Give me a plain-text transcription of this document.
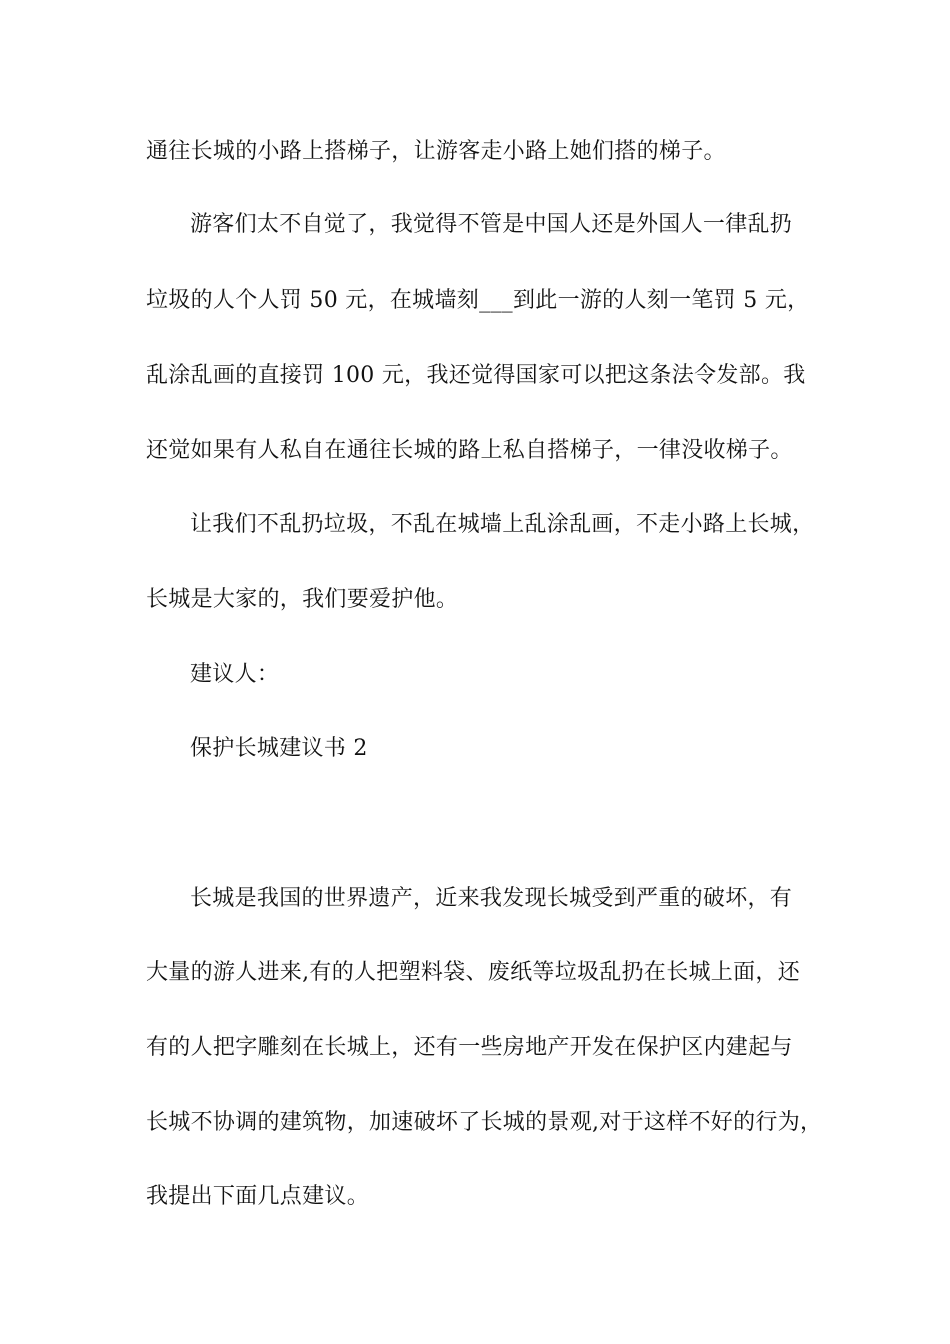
通往长城的小路上搭梯子，让游客走小路上她们搭的梯子。
游客们太不自觉了，我觉得不管是中国人还是外国人一律乱扔
垃圾的人个人罚 50 元，在城墙刻___到此一游的人刻一笔罚 5 元，
乱涂乱画的直接罚 100 元，我还觉得国家可以把这条法令发部。我
还觉如果有人私自在通往长城的路上私自搭梯子，一律没收梯子。
让我们不乱扔垃圾，不乱在城墙上乱涂乱画，不走小路上长城，
长城是大家的，我们要爱护他。
建议人：
保护长城建议书 2
长城是我国的世界遗产，近来我发现长城受到严重的破坏，有
大量的游人进来,有的人把塑料袋、废纸等垃圾乱扔在长城上面，还
有的人把字雕刻在长城上，还有一些房地产开发在保护区内建起与
长城不协调的建筑物，加速破坏了长城的景观,对于这样不好的行为，
我提出下面几点建议。
